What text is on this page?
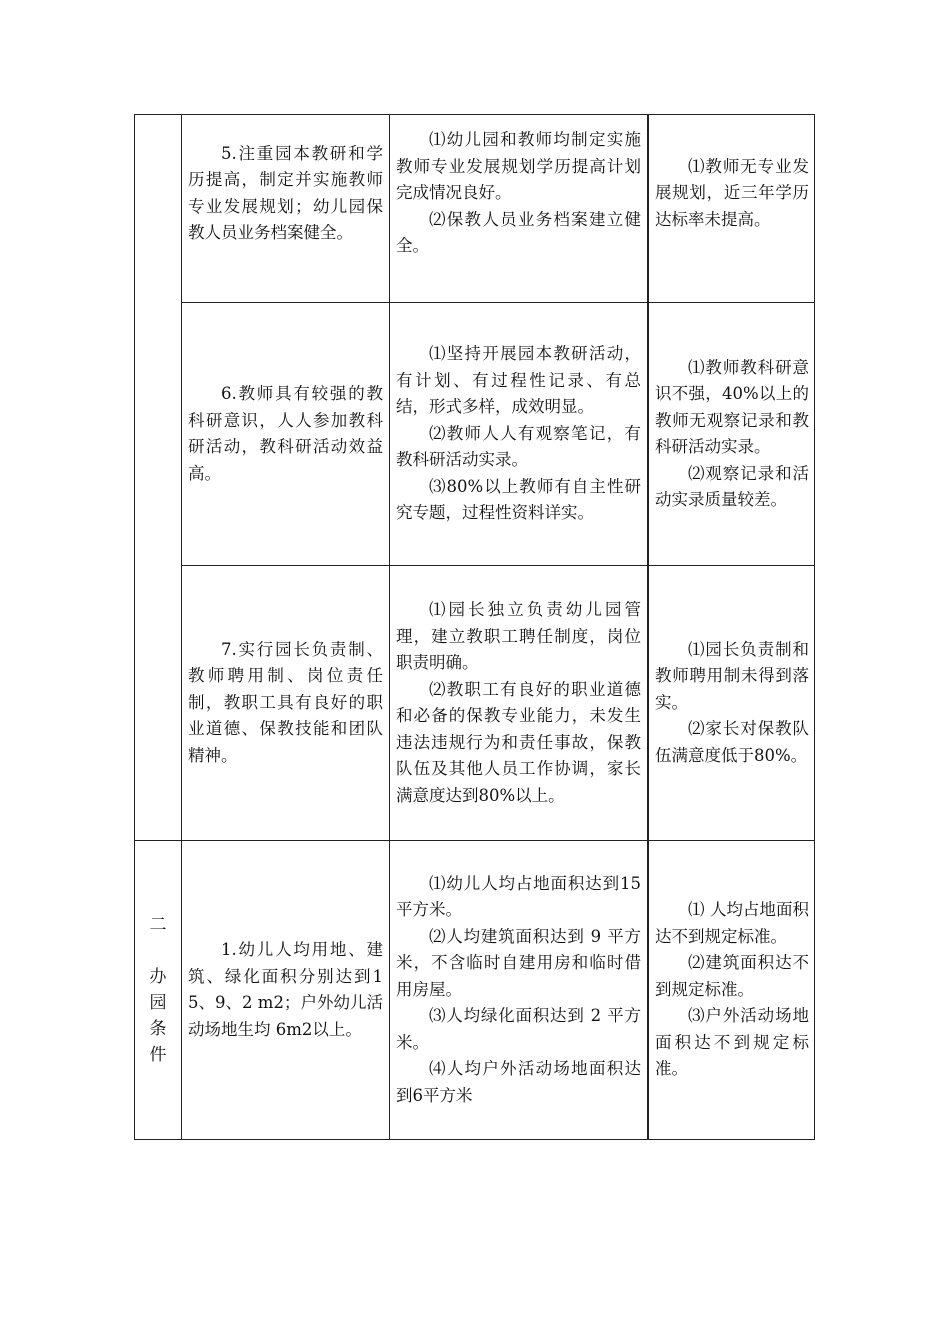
二
办
园
条
件

5.注重园本教研和学历提高，制定并实施教师专业发展规划；幼儿园保教人员业务档案健全。

⑴幼儿园和教师均制定实施教师专业发展规划学历提高计划完成情况良好。

⑵保教人员业务档案建立健全。

⑴教师无专业发展规划，近三年学历达标率未提高。

6.教师具有较强的教科研意识，人人参加教科研活动，教科研活动效益高。

⑴坚持开展园本教研活动，有计划、有过程性记录、有总结，形式多样，成效明显。

⑵教师人人有观察笔记，有教科研活动实录。

⑶80%以上教师有自主性研究专题，过程性资料详实。

⑴教师教科研意识不强，40%以上的教师无观察记录和教科研活动实录。

⑵观察记录和活动实录质量较差。

7.实行园长负责制、教师聘用制、岗位责任制，教职工具有良好的职业道德、保教技能和团队精神。

⑴园长独立负责幼儿园管理，建立教职工聘任制度，岗位职责明确。

⑵教职工有良好的职业道德和必备的保教专业能力，未发生违法违规行为和责任事故，保教队伍及其他人员工作协调，家长满意度达到80%以上。

⑴园长负责制和教师聘用制未得到落实。

⑵家长对保教队伍满意度低于80%。

1.幼儿人均用地、建筑、绿化面积分别达到15、9、2 m2；户外幼儿活动场地生均 6m2以上。

⑴幼儿人均占地面积达到15平方米。

⑵人均建筑面积达到 9 平方米，不含临时自建用房和临时借用房屋。

⑶人均绿化面积达到 2 平方米。

⑷人均户外活动场地面积达到6平方米

⑴ 人均占地面积达不到规定标准。

⑵建筑面积达不到规定标准。

⑶户外活动场地面积达不到规定标准。
